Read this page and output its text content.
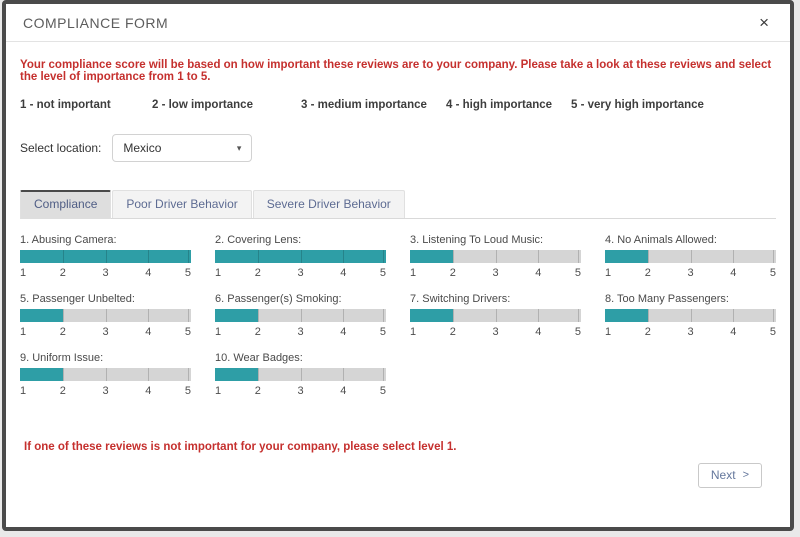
COMPLIANCE FORM	×
Your compliance score will be based on how important these reviews are to your company. Please take a look at these reviews and select the level of importance from 1 to 5.
1 - not important	2 - low importance	3 - medium importance	4 - high importance	5 - very high importance
Select location: Mexico	▾
Compliance	Poor Driver Behavior	Severe Driver Behavior
1. Abusing Camera:
1	2	3	4	5
2. Covering Lens:
1	2	3	4	5
3. Listening To Loud Music:
1	2	3	4	5
4. No Animals Allowed:
1	2	3	4	5
5. Passenger Unbelted:
1	2	3	4	5
6. Passenger(s) Smoking:
1	2	3	4	5
7. Switching Drivers:
1	2	3	4	5
8. Too Many Passengers:
1	2	3	4	5
9. Uniform Issue:
1	2	3	4	5
10. Wear Badges:
1	2	3	4	5
If one of these reviews is not important for your company, please select level 1.
Next >
